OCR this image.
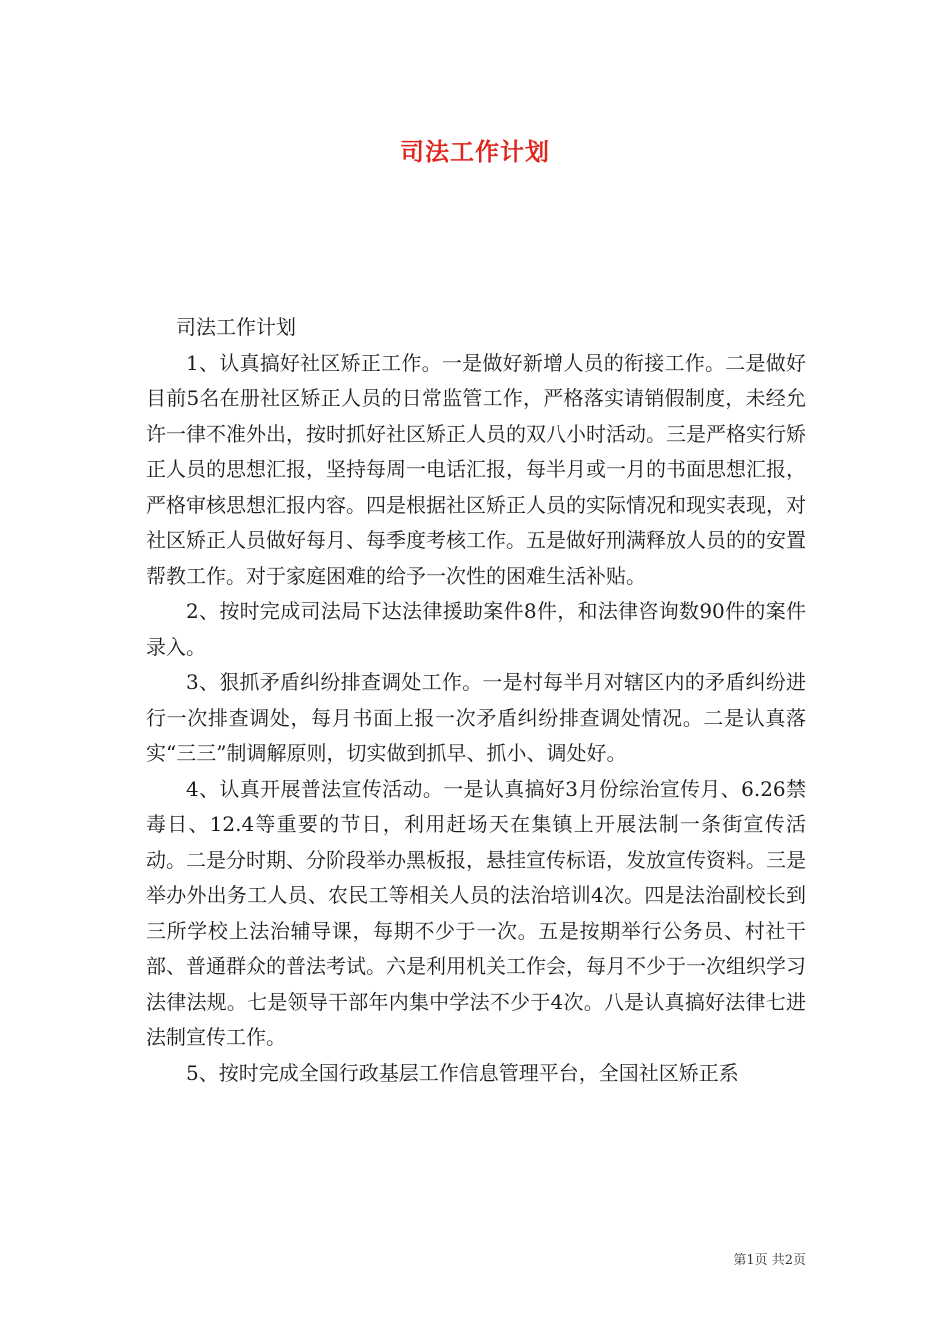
司法工作计划

司法工作计划

1、认真搞好社区矫正工作。一是做好新增人员的衔接工作。二是做好目前5名在册社区矫正人员的日常监管工作，严格落实请销假制度，未经允许一律不准外出，按时抓好社区矫正人员的双八小时活动。三是严格实行矫正人员的思想汇报，坚持每周一电话汇报，每半月或一月的书面思想汇报，严格审核思想汇报内容。四是根据社区矫正人员的实际情况和现实表现，对社区矫正人员做好每月、每季度考核工作。五是做好刑满释放人员的的安置帮教工作。对于家庭困难的给予一次性的困难生活补贴。

2、按时完成司法局下达法律援助案件8件，和法律咨询数90件的案件录入。

3、狠抓矛盾纠纷排查调处工作。一是村每半月对辖区内的矛盾纠纷进行一次排查调处，每月书面上报一次矛盾纠纷排查调处情况。二是认真落实“三三”制调解原则，切实做到抓早、抓小、调处好。

4、认真开展普法宣传活动。一是认真搞好3月份综治宣传月、6.26禁毒日、12.4等重要的节日，利用赶场天在集镇上开展法制一条街宣传活动。二是分时期、分阶段举办黑板报，悬挂宣传标语，发放宣传资料。三是举办外出务工人员、农民工等相关人员的法治培训4次。四是法治副校长到三所学校上法治辅导课，每期不少于一次。五是按期举行公务员、村社干部、普通群众的普法考试。六是利用机关工作会，每月不少于一次组织学习法律法规。七是领导干部年内集中学法不少于4次。八是认真搞好法律七进法制宣传工作。

5、按时完成全国行政基层工作信息管理平台，全国社区矫正系

第1页 共2页
